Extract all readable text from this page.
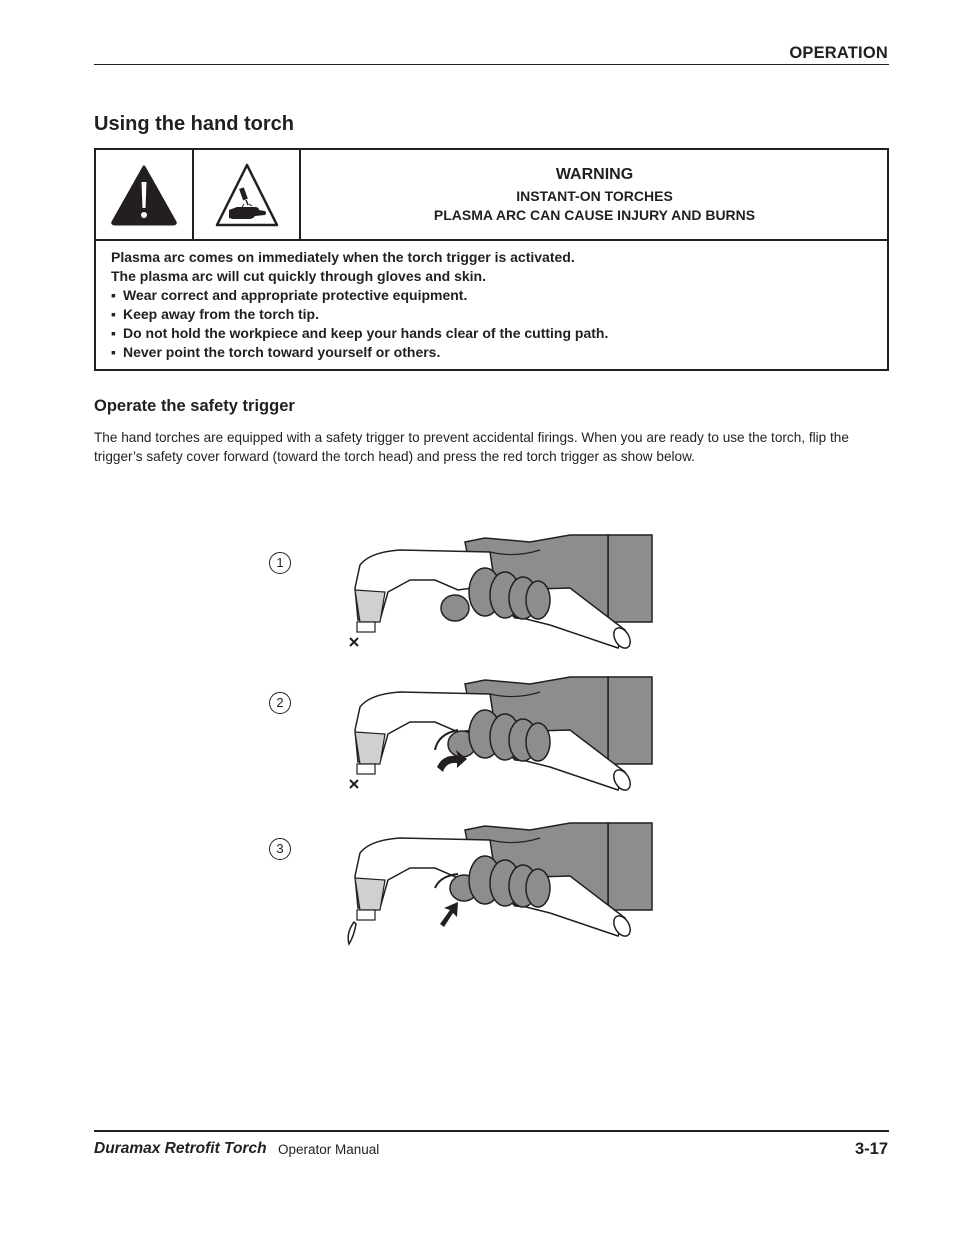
OPERATION
Using the hand torch
WARNING
INSTANT-ON TORCHES
PLASMA ARC CAN CAUSE INJURY AND BURNS
Plasma arc comes on immediately when the torch trigger is activated.
The plasma arc will cut quickly through gloves and skin.
▪ Wear correct and appropriate protective equipment.
▪ Keep away from the torch tip.
▪ Do not hold the workpiece and keep your hands clear of the cutting path.
▪ Never point the torch toward yourself or others.
Operate the safety trigger
The hand torches are equipped with a safety trigger to prevent accidental firings. When you are ready to use the torch, flip the trigger’s safety cover forward (toward the torch head) and press the red torch trigger as show below.
1
2
3
Duramax Retrofit Torch Operator Manual	3-17
